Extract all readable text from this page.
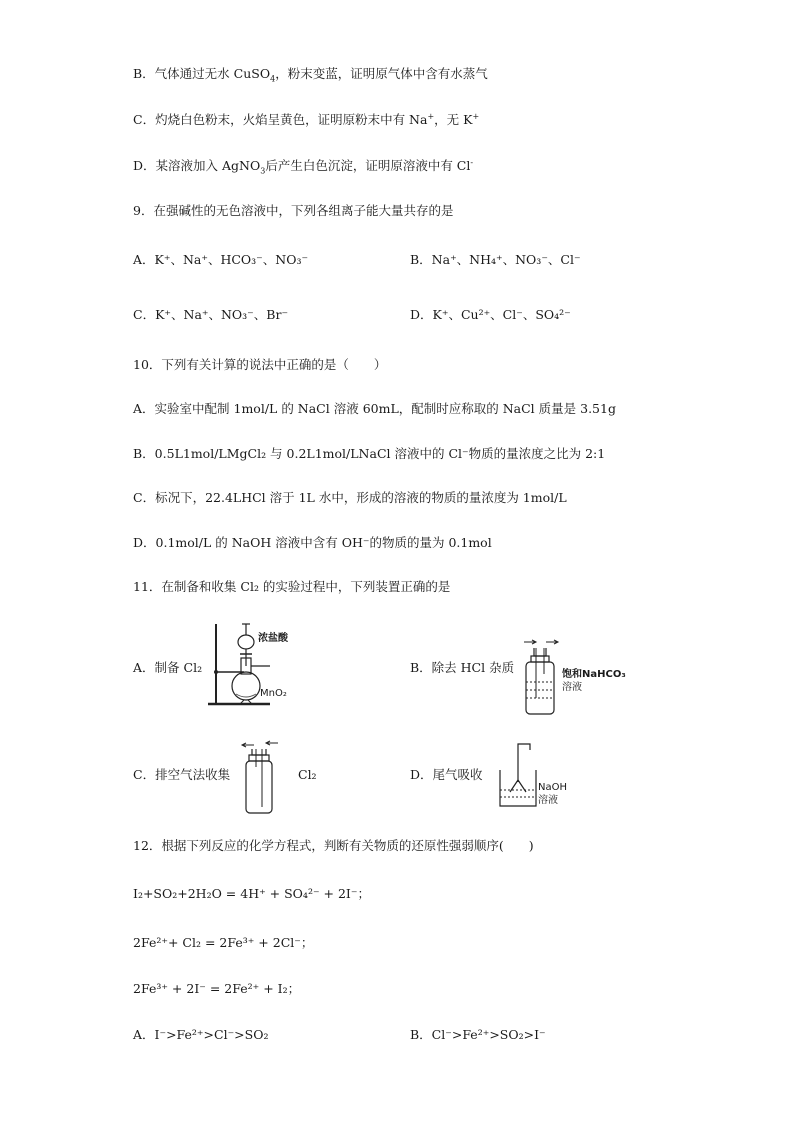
B．气体通过无水 CuSO$_4$，粉末变蓝，证明原气体中含有水蒸气
C．灼烧白色粉末，火焰呈黄色，证明原粉末中有 Na+，无 K+
D．某溶液加入 AgNO$_3$后产生白色沉淀，证明原溶液中有 Cl-
9．在强碱性的无色溶液中，下列各组离子能大量共存的是
A．K⁺、Na⁺、HCO₃⁻、NO₃⁻	B．Na⁺、NH₄⁺、NO₃⁻、Cl⁻
C．K⁺、Na⁺、NO₃⁻、Br⁻	D．K⁺、Cu²⁺、Cl⁻、SO₄²⁻
10．下列有关计算的说法中正确的是（　　）
A．实验室中配制 1mol/L 的 NaCl 溶液 60mL，配制时应称取的 NaCl 质量是 3.51g
B．0.5L1mol/LMgCl₂ 与 0.2L1mol/LNaCl 溶液中的 Cl⁻物质的量浓度之比为 2:1
C．标况下，22.4LHCl 溶于 1L 水中，形成的溶液的物质的量浓度为 1mol/L
D．0.1mol/L 的 NaOH 溶液中含有 OH⁻的物质的量为 0.1mol
11．在制备和收集 Cl₂ 的实验过程中，下列装置正确的是
A．制备 Cl₂
浓盐酸
MnO₂
B．除去 HCl 杂质	饱和NaHCO₃
溶液
C．排空气法收集	Cl₂	D．尾气吸收
NaOH
溶液
12．根据下列反应的化学方程式，判断有关物质的还原性强弱顺序(　　)
I₂+SO₂+2H₂O = 4H⁺ + SO₄²⁻ + 2I⁻；
2Fe²⁺+ Cl₂ = 2Fe³⁺ + 2Cl⁻；
2Fe³⁺ + 2I⁻ = 2Fe²⁺ + I₂；
A．I⁻>Fe²⁺>Cl⁻>SO₂	B．Cl⁻>Fe²⁺>SO₂>I⁻
